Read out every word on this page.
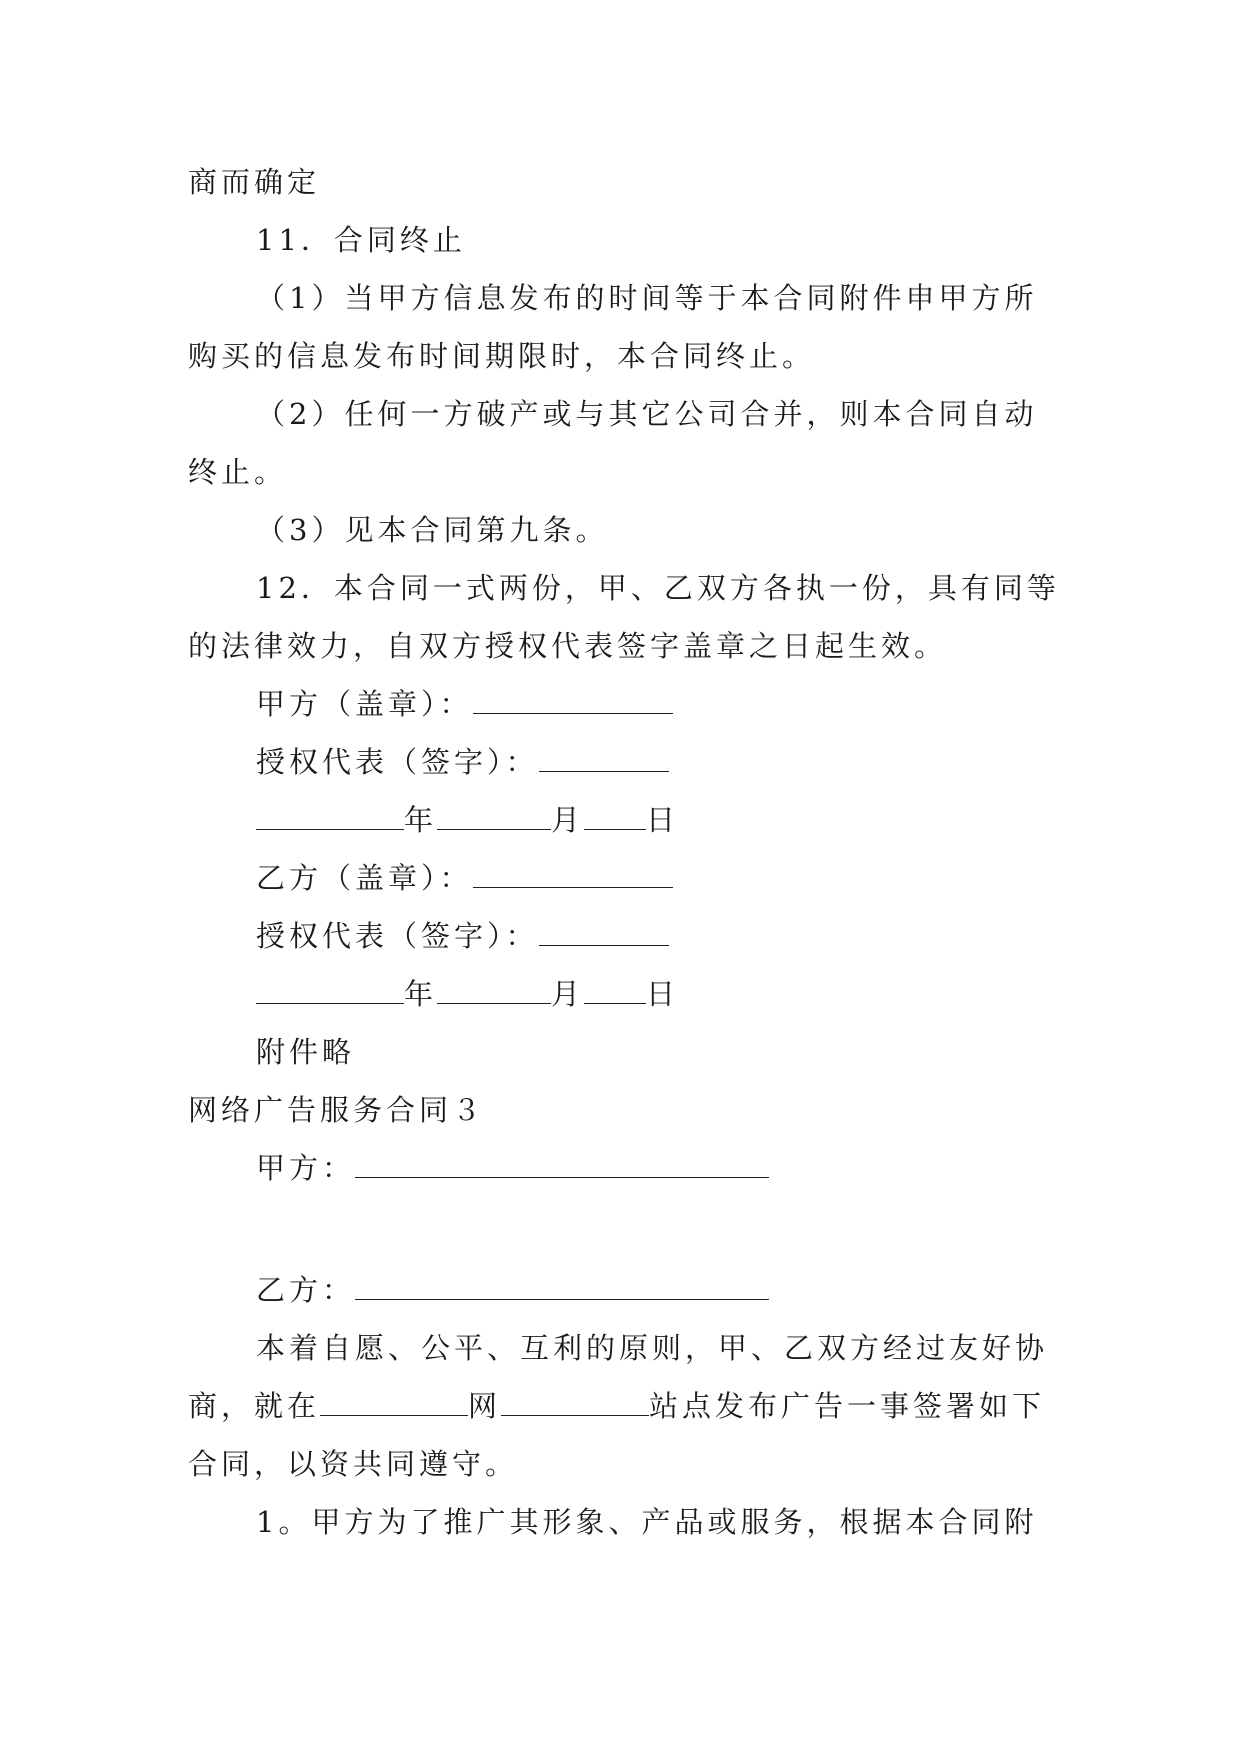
商而确定
11．合同终止
（1）当甲方信息发布的时间等于本合同附件申甲方所
购买的信息发布时间期限时，本合同终止。
（2）任何一方破产或与其它公司合并，则本合同自动
终止。
（3）见本合同第九条。
12．本合同一式两份，甲、乙双方各执一份，具有同等
的法律效力，自双方授权代表签字盖章之日起生效。
甲方（盖章）：
授权代表（签字）：
年	月 日
乙方（盖章）：
授权代表（签字）：
年	月 日
附件略
网络广告服务合同３
甲方：
乙方：
本着自愿、公平、互利的原则，甲、乙双方经过友好协
商，就在	网	站点发布广告一事签署如下
合同，以资共同遵守。
1。甲方为了推广其形象、产品或服务，根据本合同附
